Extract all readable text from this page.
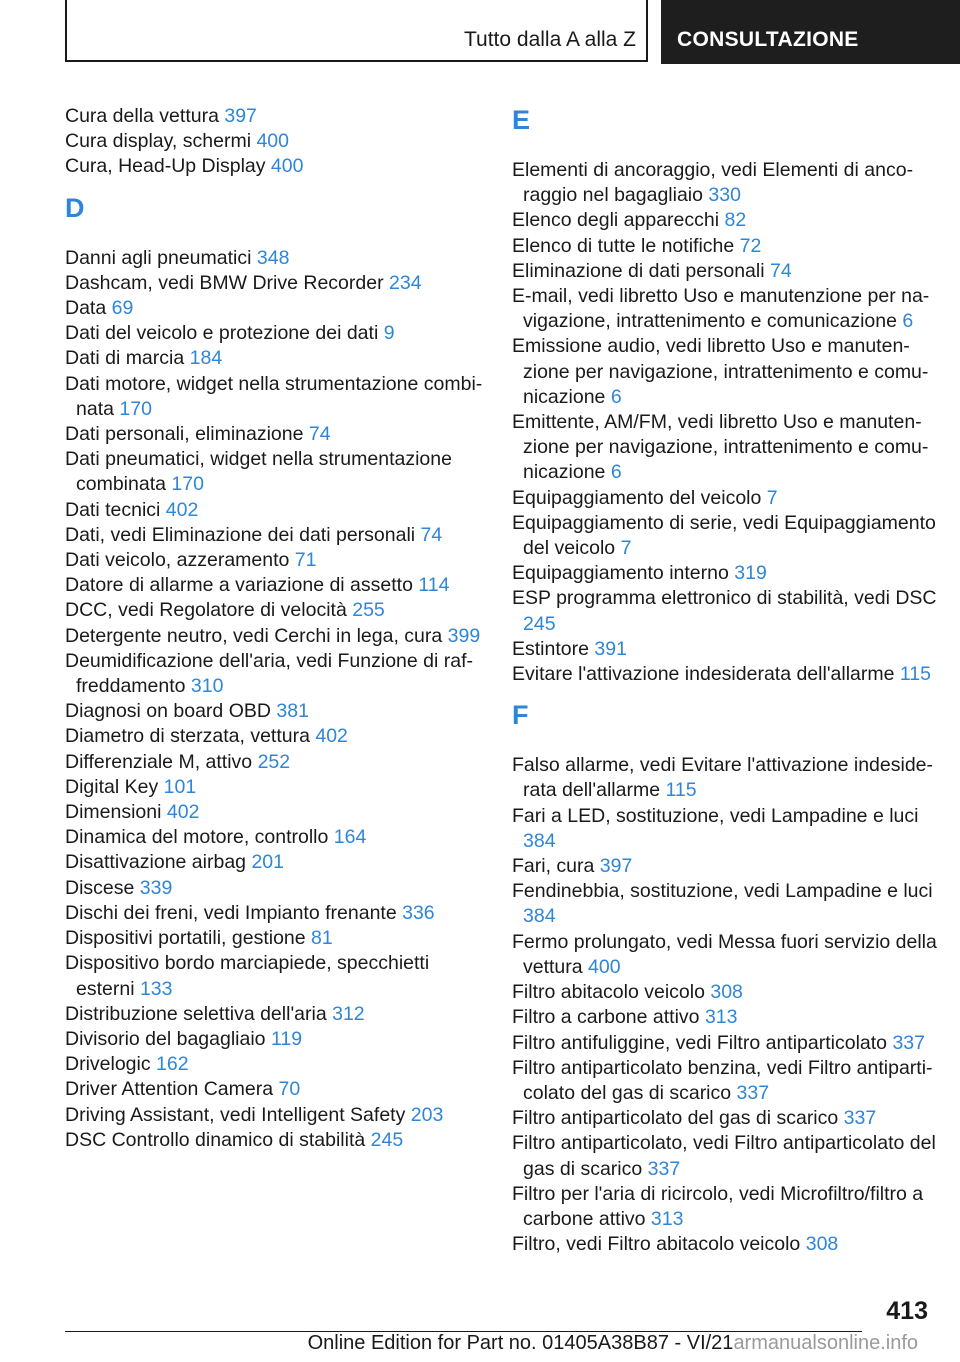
Tutto dalla A alla Z CONSULTAZIONE
Cura della vettura 397
Cura display, schermi 400
Cura, Head-Up Display 400
D
Danni agli pneumatici 348
Dashcam, vedi BMW Drive Recorder 234
Data 69
Dati del veicolo e protezione dei dati 9
Dati di marcia 184
Dati motore, widget nella strumentazione combinata 170
Dati personali, eliminazione 74
Dati pneumatici, widget nella strumentazione combinata 170
Dati tecnici 402
Dati, vedi Eliminazione dei dati personali 74
Dati veicolo, azzeramento 71
Datore di allarme a variazione di assetto 114
DCC, vedi Regolatore di velocità 255
Detergente neutro, vedi Cerchi in lega, cura 399
Deumidificazione dell'aria, vedi Funzione di raffreddamento 310
Diagnosi on board OBD 381
Diametro di sterzata, vettura 402
Differenziale M, attivo 252
Digital Key 101
Dimensioni 402
Dinamica del motore, controllo 164
Disattivazione airbag 201
Discese 339
Dischi dei freni, vedi Impianto frenante 336
Dispositivi portatili, gestione 81
Dispositivo bordo marciapiede, specchietti esterni 133
Distribuzione selettiva dell'aria 312
Divisorio del bagagliaio 119
Drivelogic 162
Driver Attention Camera 70
Driving Assistant, vedi Intelligent Safety 203
DSC Controllo dinamico di stabilità 245
E
Elementi di ancoraggio, vedi Elementi di ancoraggio nel bagagliaio 330
Elenco degli apparecchi 82
Elenco di tutte le notifiche 72
Eliminazione di dati personali 74
E-mail, vedi libretto Uso e manutenzione per navigazione, intrattenimento e comunicazione 6
Emissione audio, vedi libretto Uso e manutenzione per navigazione, intrattenimento e comunicazione 6
Emittente, AM/FM, vedi libretto Uso e manutenzione per navigazione, intrattenimento e comunicazione 6
Equipaggiamento del veicolo 7
Equipaggiamento di serie, vedi Equipaggiamento del veicolo 7
Equipaggiamento interno 319
ESP programma elettronico di stabilità, vedi DSC 245
Estintore 391
Evitare l'attivazione indesiderata dell'allarme 115
F
Falso allarme, vedi Evitare l'attivazione indesiderata dell'allarme 115
Fari a LED, sostituzione, vedi Lampadine e luci 384
Fari, cura 397
Fendinebbia, sostituzione, vedi Lampadine e luci 384
Fermo prolungato, vedi Messa fuori servizio della vettura 400
Filtro abitacolo veicolo 308
Filtro a carbone attivo 313
Filtro antifuliggine, vedi Filtro antiparticolato 337
Filtro antiparticolato benzina, vedi Filtro antiparticolato del gas di scarico 337
Filtro antiparticolato del gas di scarico 337
Filtro antiparticolato, vedi Filtro antiparticolato del gas di scarico 337
Filtro per l'aria di ricircolo, vedi Microfiltro/filtro a carbone attivo 313
Filtro, vedi Filtro abitacolo veicolo 308
413
Online Edition for Part no. 01405A38B87 - VI/21armanualsonline.info
